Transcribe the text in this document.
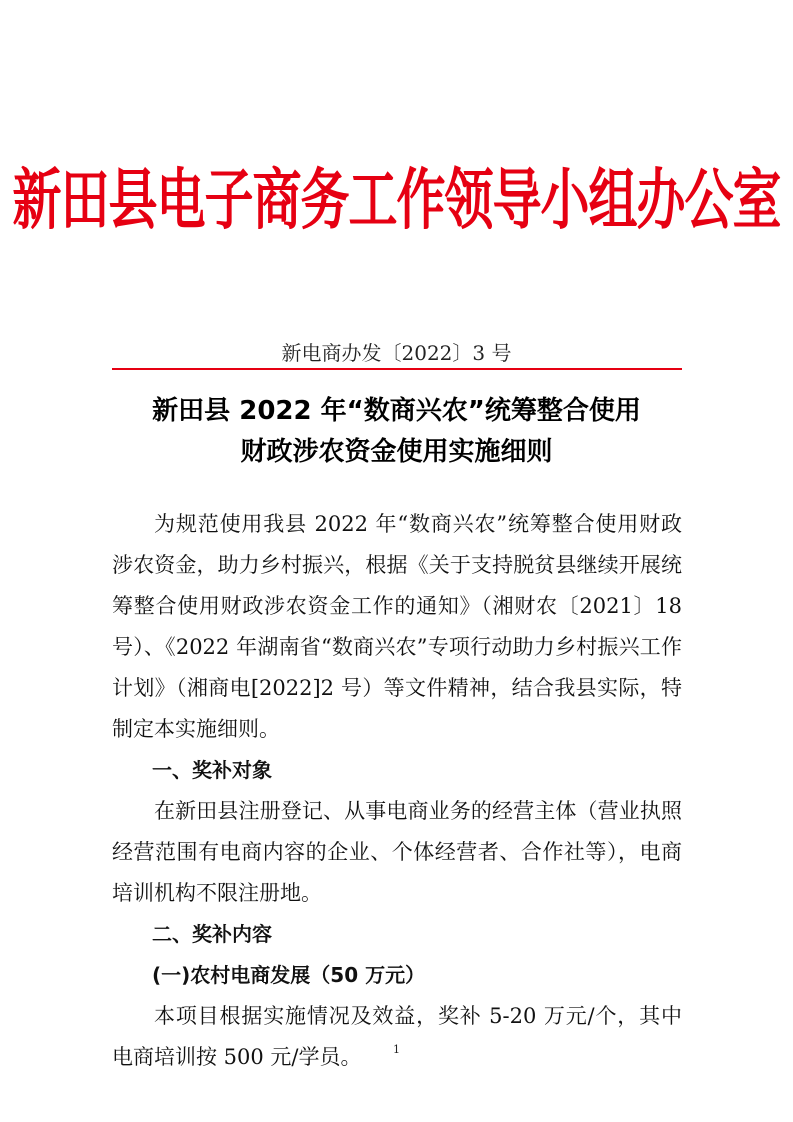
新田县电子商务工作领导小组办公室
新电商办发〔2022〕3 号
新田县 2022 年“数商兴农”统筹整合使用
财政涉农资金使用实施细则

为规范使用我县 2022 年“数商兴农”统筹整合使用财政涉农资金，助力乡村振兴，根据《关于支持脱贫县继续开展统筹整合使用财政涉农资金工作的通知》（湘财农〔2021〕18 号）、《2022 年湖南省“数商兴农”专项行动助力乡村振兴工作计划》（湘商电[2022]2 号）等文件精神，结合我县实际，特制定本实施细则。

一、奖补对象

在新田县注册登记、从事电商业务的经营主体（营业执照经营范围有电商内容的企业、个体经营者、合作社等），电商培训机构不限注册地。

二、奖补内容

(一)农村电商发展（50 万元）

本项目根据实施情况及效益，奖补 5-20 万元/个，其中电商培训按 500 元/学员。	1
